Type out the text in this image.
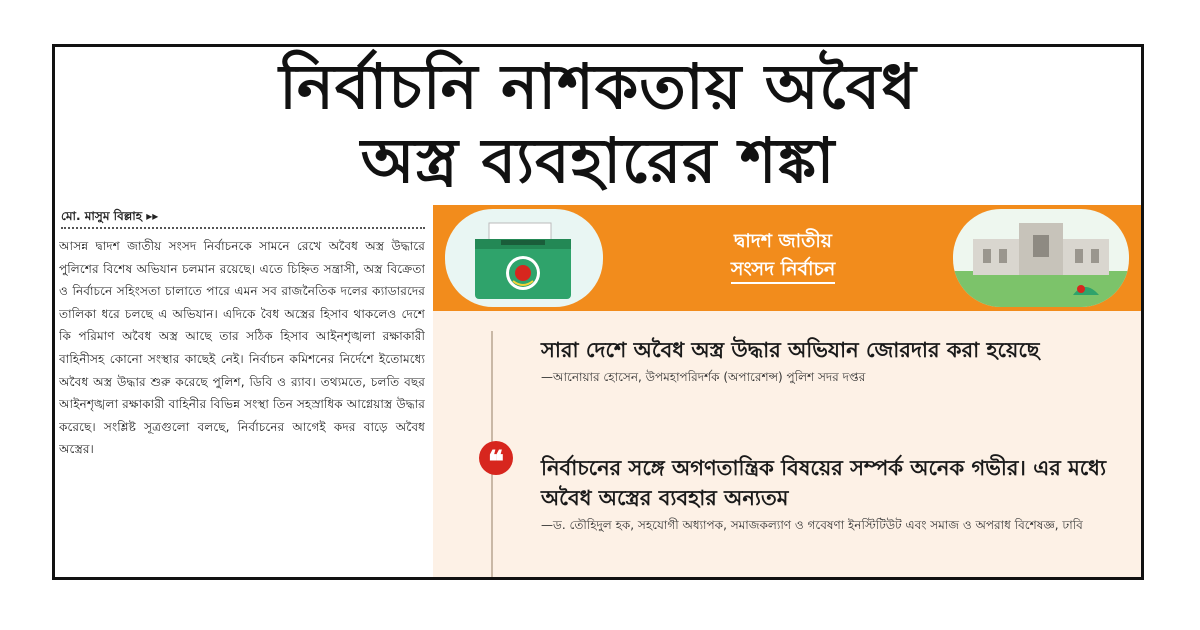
নির্বাচনি নাশকতায় অবৈধ
অস্ত্র ব্যবহারের শঙ্কা
মো. মাসুম বিল্লাহ ▸▸

আসন্ন দ্বাদশ জাতীয় সংসদ নির্বাচনকে সামনে রেখে অবৈধ অস্ত্র উদ্ধারে পুলিশের বিশেষ অভিযান চলমান রয়েছে। এতে চিহ্নিত সন্ত্রাসী, অস্ত্র বিক্রেতা ও নির্বাচনে সহিংসতা চালাতে পারে এমন সব রাজনৈতিক দলের ক্যাডারদের তালিকা ধরে চলছে এ অভিযান। এদিকে বৈধ অস্ত্রের হিসাব থাকলেও দেশে কি পরিমাণ অবৈধ অস্ত্র আছে তার সঠিক হিসাব আইনশৃঙ্খলা রক্ষাকারী বাহিনীসহ কোনো সংস্থার কাছেই নেই। নির্বাচন কমিশনের নির্দেশে ইতোমধ্যে অবৈধ অস্ত্র উদ্ধার শুরু করেছে পুলিশ, ডিবি ও র‍্যাব। তথ্যমতে, চলতি বছর আইনশৃঙ্খলা রক্ষাকারী বাহিনীর বিভিন্ন সংস্থা তিন সহস্রাধিক আগ্নেয়াস্ত্র উদ্ধার করেছে। সংশ্লিষ্ট সূত্রগুলো বলছে, নির্বাচনের আগেই কদর বাড়ে অবৈধ অস্ত্রের।

দ্বাদশ জাতীয়
সংসদ নির্বাচন
❝
সারা দেশে অবৈধ অস্ত্র উদ্ধার অভিযান জোরদার করা হয়েছে
—আনোয়ার হোসেন, উপমহাপরিদর্শক (অপারেশন্স) পুলিশ সদর দপ্তর
নির্বাচনের সঙ্গে অগণতান্ত্রিক বিষয়ের সম্পর্ক অনেক গভীর। এর মধ্যে অবৈধ অস্ত্রের ব্যবহার অন্যতম
—ড. তৌহিদুল হক, সহযোগী অধ্যাপক, সমাজকল্যাণ ও গবেষণা ইনস্টিটিউট এবং সমাজ ও অপরাধ বিশেষজ্ঞ, ঢাবি
